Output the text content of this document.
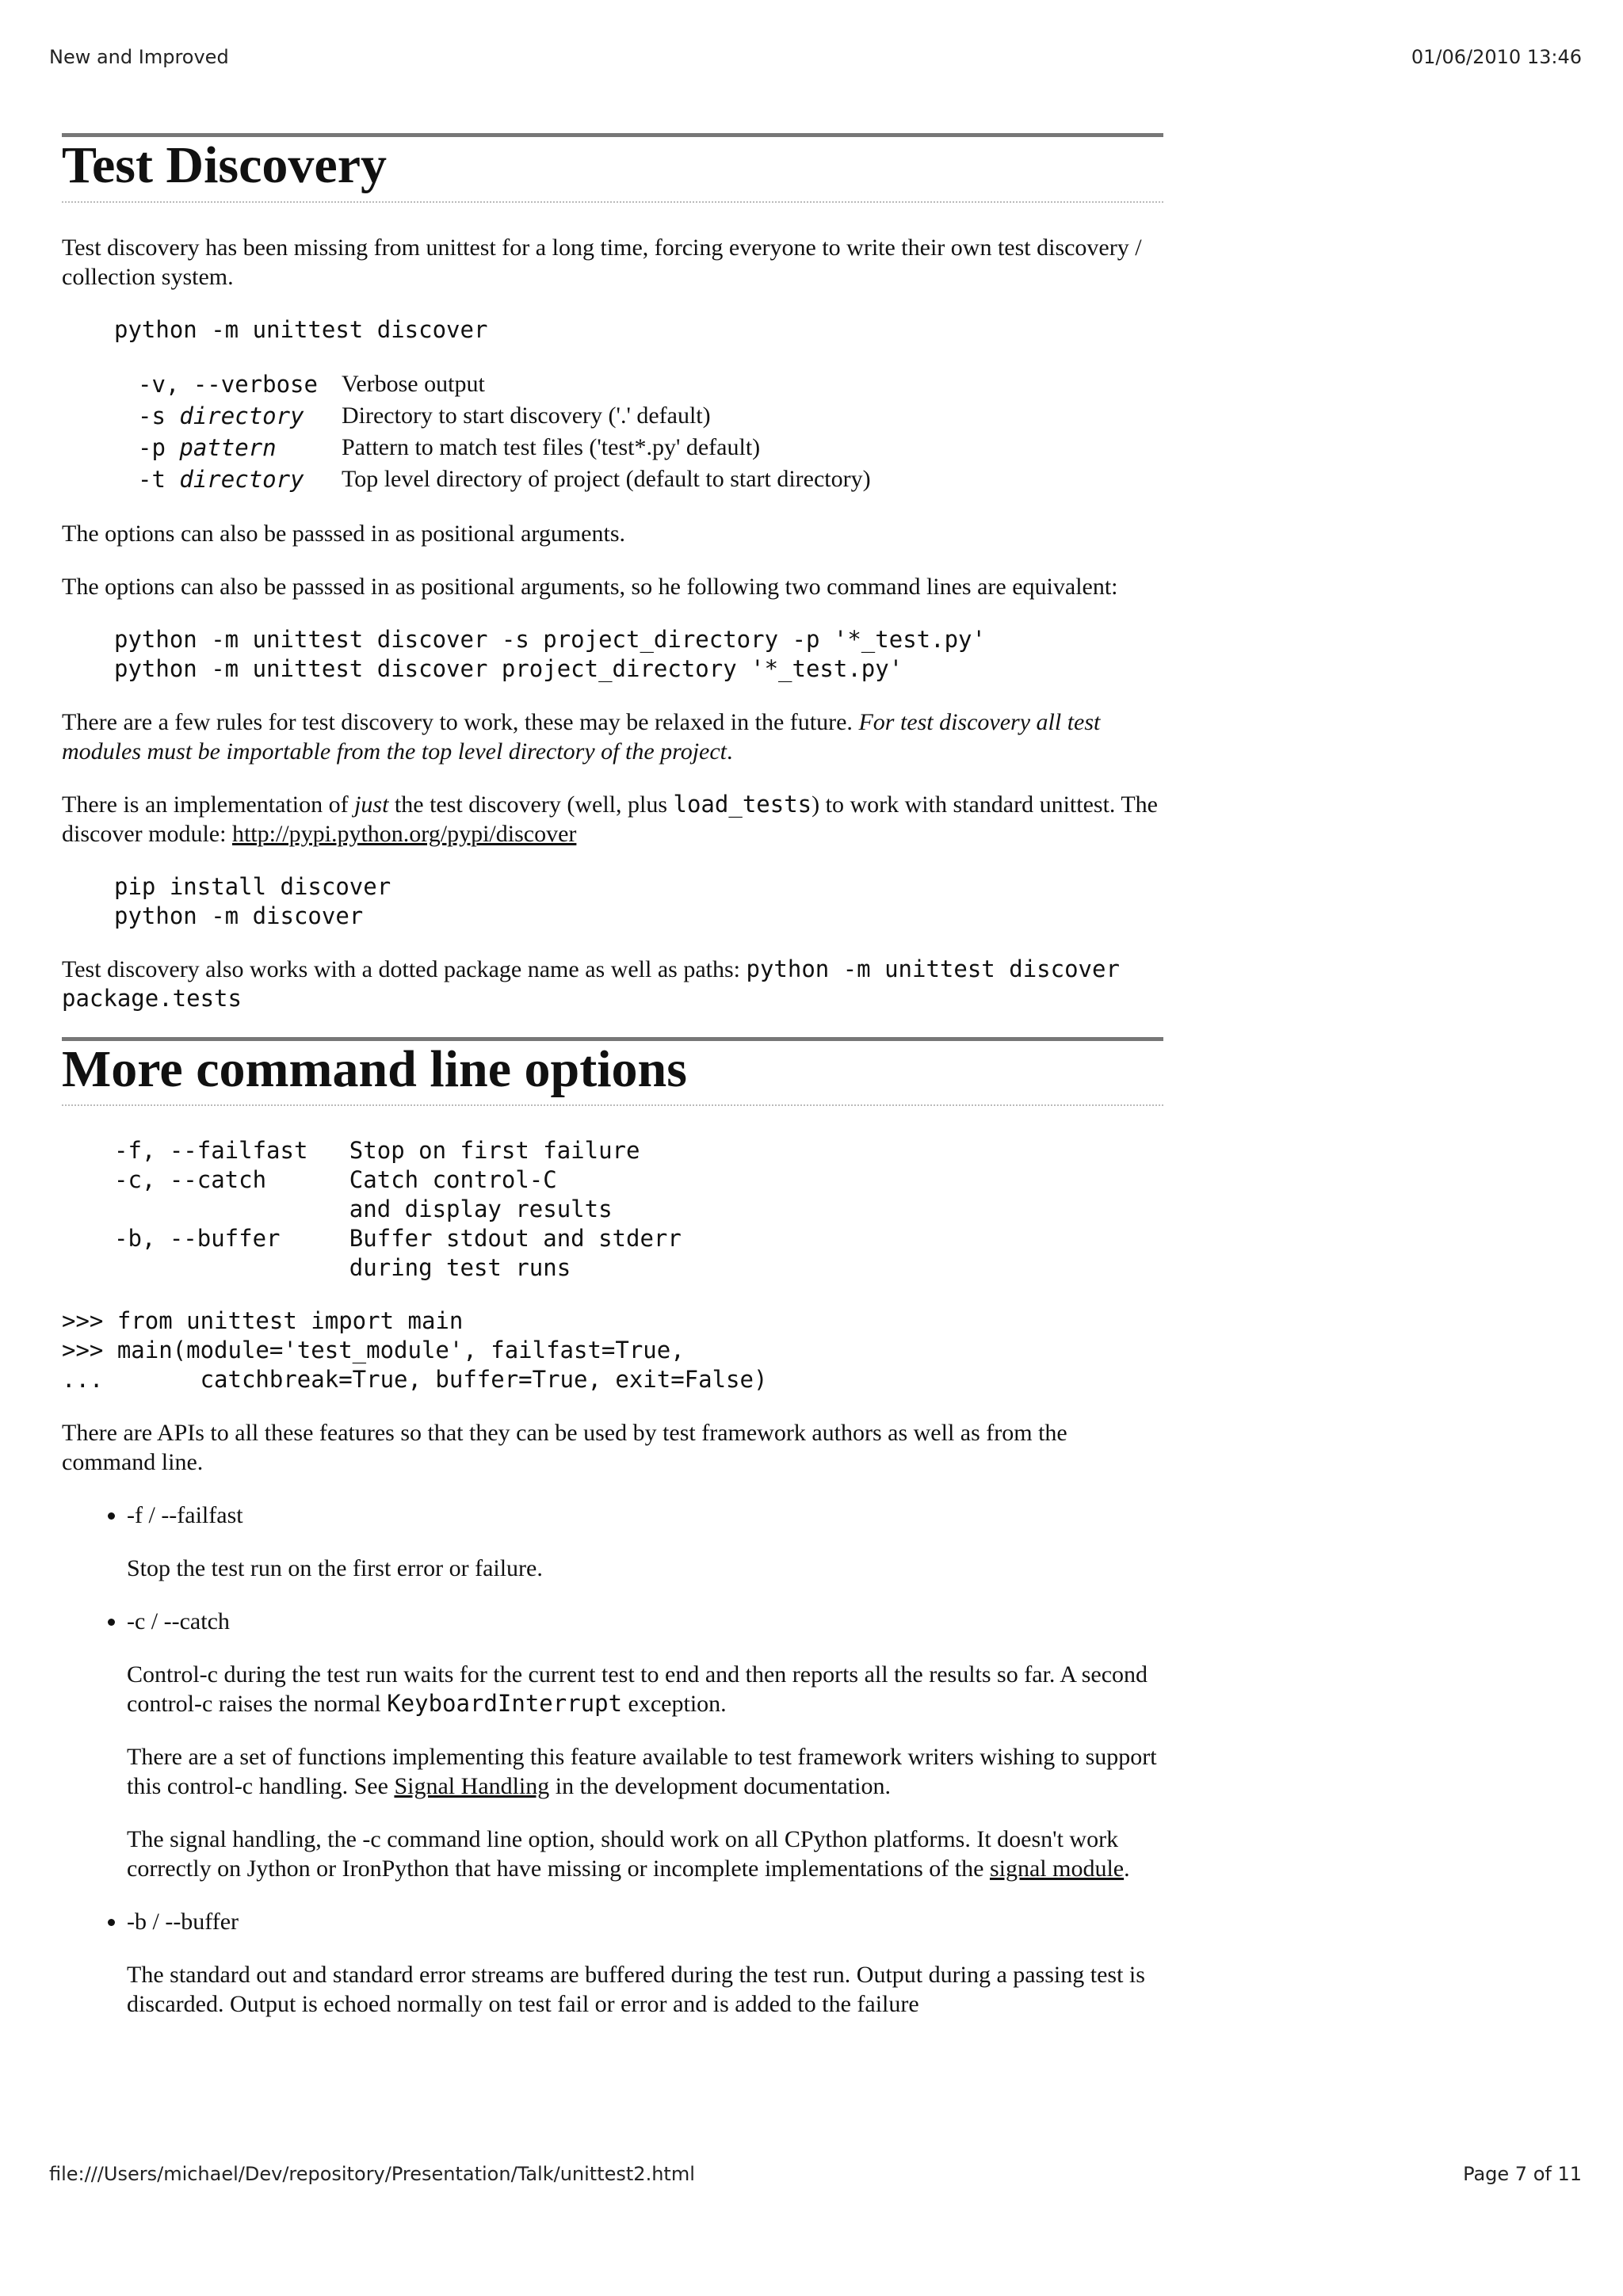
New and Improved	01/06/2010 13:46
Test Discovery

Test discovery has been missing from unittest for a long time, forcing everyone to write their own test discovery / collection system.

python -m unittest discover
-v, --verbose	Verbose output
-s directory	Directory to start discovery ('.' default)
-p pattern	Pattern to match test files ('test*.py' default)
-t directory	Top level directory of project (default to start directory)

The options can also be passsed in as positional arguments.

The options can also be passsed in as positional arguments, so he following two command lines are equivalent:

python -m unittest discover -s project_directory -p '*_test.py'
python -m unittest discover project_directory '*_test.py'

There are a few rules for test discovery to work, these may be relaxed in the future. For test discovery all test modules must be importable from the top level directory of the project.

There is an implementation of just the test discovery (well, plus load_tests) to work with standard unittest. The discover module: http://pypi.python.org/pypi/discover

pip install discover
python -m discover

Test discovery also works with a dotted package name as well as paths: python -m unittest discover package.tests

More command line options
-f, --failfast   Stop on first failure
-c, --catch      Catch control-C
and display results
-b, --buffer     Buffer stdout and stderr
during test runs
>>> from unittest import main
>>> main(module='test_module', failfast=True,
...       catchbreak=True, buffer=True, exit=False)

There are APIs to all these features so that they can be used by test framework authors as well as from the command line.

• -f / --failfast

Stop the test run on the first error or failure.

• -c / --catch

Control-c during the test run waits for the current test to end and then reports all the results so far. A second control-c raises the normal KeyboardInterrupt exception.

There are a set of functions implementing this feature available to test framework writers wishing to support this control-c handling. See Signal Handling in the development documentation.

The signal handling, the -c command line option, should work on all CPython platforms. It doesn't work correctly on Jython or IronPython that have missing or incomplete implementations of the signal module.

• -b / --buffer

The standard out and standard error streams are buffered during the test run. Output during a passing test is discarded. Output is echoed normally on test fail or error and is added to the failure

file:///Users/michael/Dev/repository/Presentation/Talk/unittest2.html	Page 7 of 11
